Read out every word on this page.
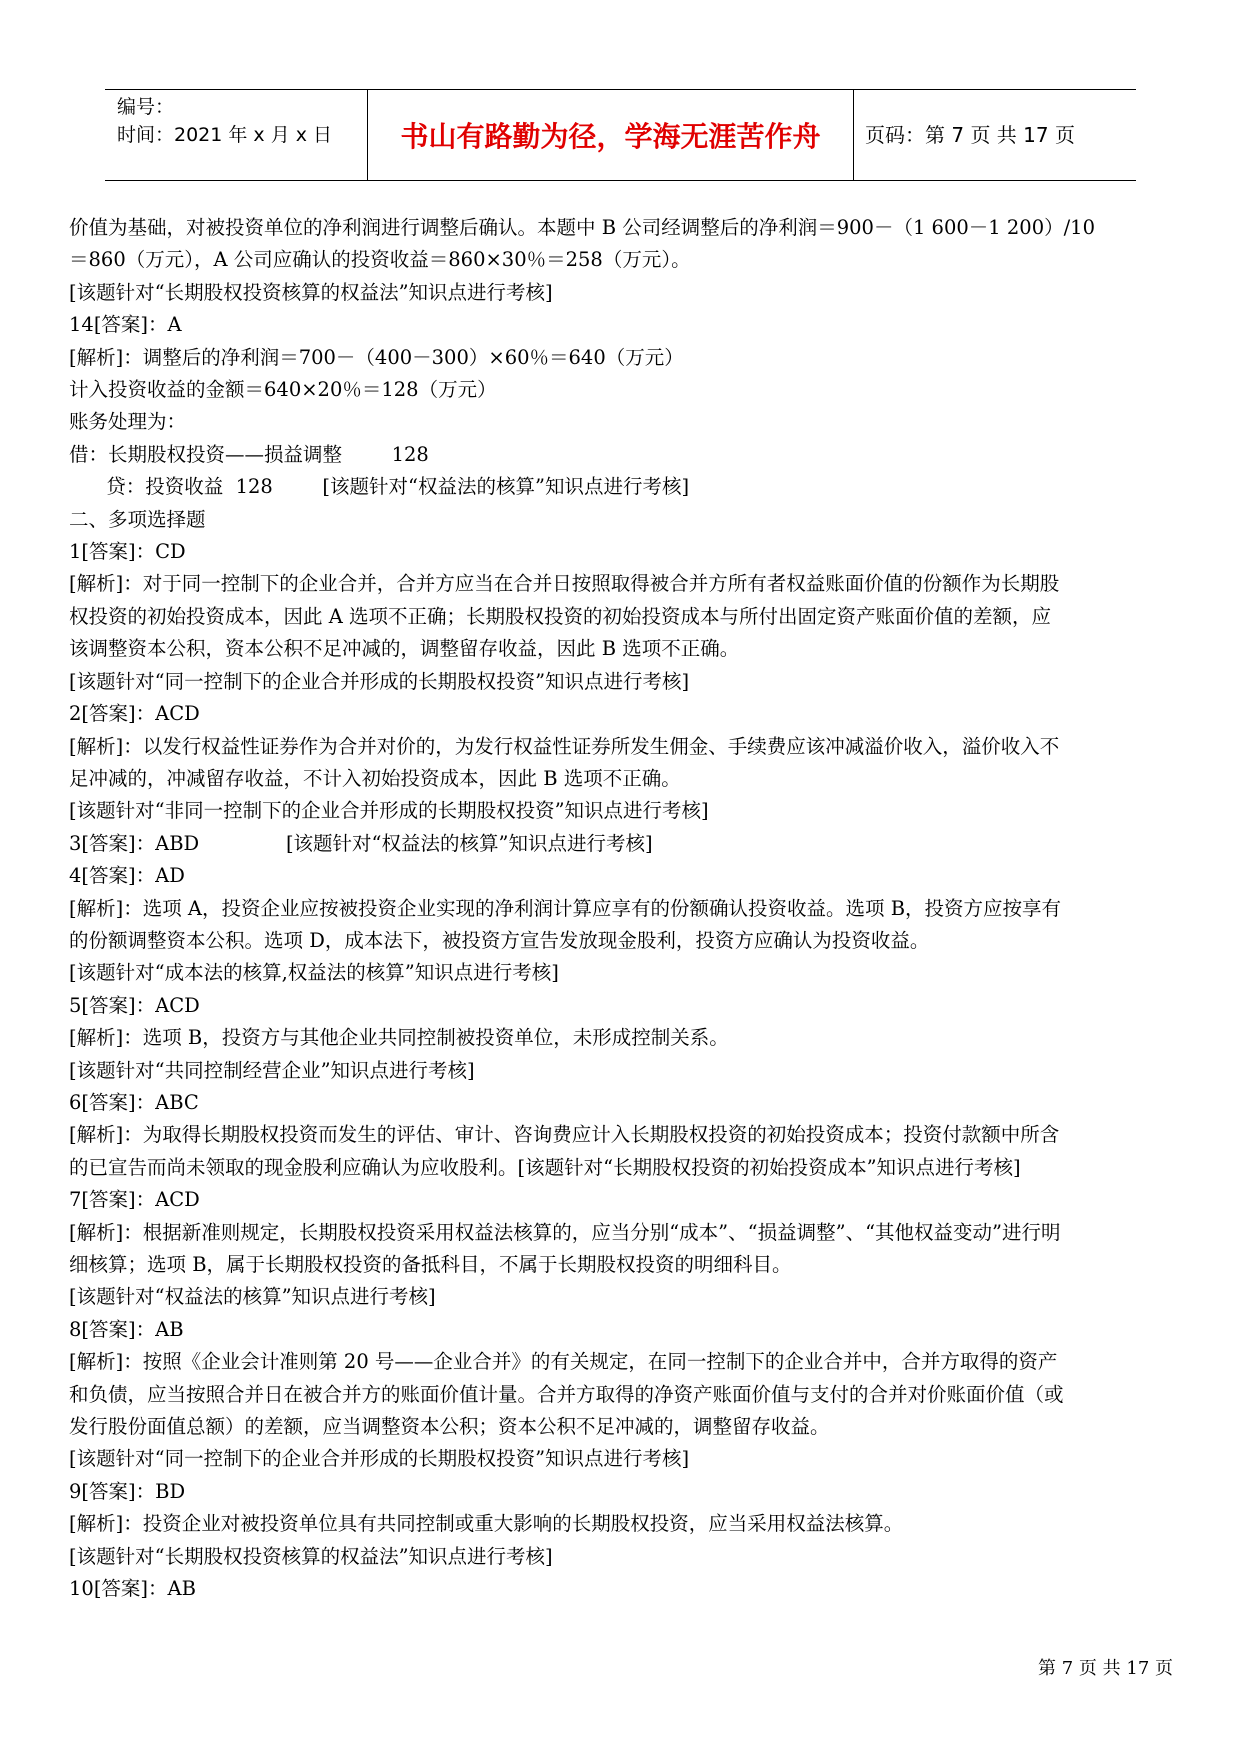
编号：
时间：2021 年 x 月 x 日	书山有路勤为径，学海无涯苦作舟	页码：第 7 页 共 17 页
价值为基础，对被投资单位的净利润进行调整后确认。本题中 B 公司经调整后的净利润＝900－（1 600－1 200）/10
＝860（万元），A 公司应确认的投资收益＝860×30％＝258（万元）。
[该题针对“长期股权投资核算的权益法”知识点进行考核]
14[答案]：A
[解析]：调整后的净利润＝700－（400－300）×60％＝640（万元）
计入投资收益的金额＝640×20％＝128（万元）
账务处理为：
借：长期股权投资——损益调整        128
贷：投资收益  128        [该题针对“权益法的核算”知识点进行考核]
二、多项选择题
1[答案]：CD
[解析]：对于同一控制下的企业合并，合并方应当在合并日按照取得被合并方所有者权益账面价值的份额作为长期股
权投资的初始投资成本，因此 A 选项不正确；长期股权投资的初始投资成本与所付出固定资产账面价值的差额，应
该调整资本公积，资本公积不足冲减的，调整留存收益，因此 B 选项不正确。
[该题针对“同一控制下的企业合并形成的长期股权投资”知识点进行考核]
2[答案]：ACD
[解析]：以发行权益性证券作为合并对价的，为发行权益性证券所发生佣金、手续费应该冲减溢价收入，溢价收入不
足冲减的，冲减留存收益，不计入初始投资成本，因此 B 选项不正确。
[该题针对“非同一控制下的企业合并形成的长期股权投资”知识点进行考核]
3[答案]：ABD              [该题针对“权益法的核算”知识点进行考核]
4[答案]：AD
[解析]：选项 A，投资企业应按被投资企业实现的净利润计算应享有的份额确认投资收益。选项 B，投资方应按享有
的份额调整资本公积。选项 D，成本法下，被投资方宣告发放现金股利，投资方应确认为投资收益。
[该题针对“成本法的核算,权益法的核算”知识点进行考核]
5[答案]：ACD
[解析]：选项 B，投资方与其他企业共同控制被投资单位，未形成控制关系。
[该题针对“共同控制经营企业”知识点进行考核]
6[答案]：ABC
[解析]：为取得长期股权投资而发生的评估、审计、咨询费应计入长期股权投资的初始投资成本；投资付款额中所含
的已宣告而尚未领取的现金股利应确认为应收股利。[该题针对“长期股权投资的初始投资成本”知识点进行考核]
7[答案]：ACD
[解析]：根据新准则规定，长期股权投资采用权益法核算的，应当分别“成本”、“损益调整”、“其他权益变动”进行明
细核算；选项 B，属于长期股权投资的备抵科目，不属于长期股权投资的明细科目。
[该题针对“权益法的核算”知识点进行考核]
8[答案]：AB
[解析]：按照《企业会计准则第 20 号——企业合并》的有关规定，在同一控制下的企业合并中，合并方取得的资产
和负债，应当按照合并日在被合并方的账面价值计量。合并方取得的净资产账面价值与支付的合并对价账面价值（或
发行股份面值总额）的差额，应当调整资本公积；资本公积不足冲减的，调整留存收益。
[该题针对“同一控制下的企业合并形成的长期股权投资”知识点进行考核]
9[答案]：BD
[解析]：投资企业对被投资单位具有共同控制或重大影响的长期股权投资，应当采用权益法核算。
[该题针对“长期股权投资核算的权益法”知识点进行考核]
10[答案]：AB
第 7 页 共 17 页
